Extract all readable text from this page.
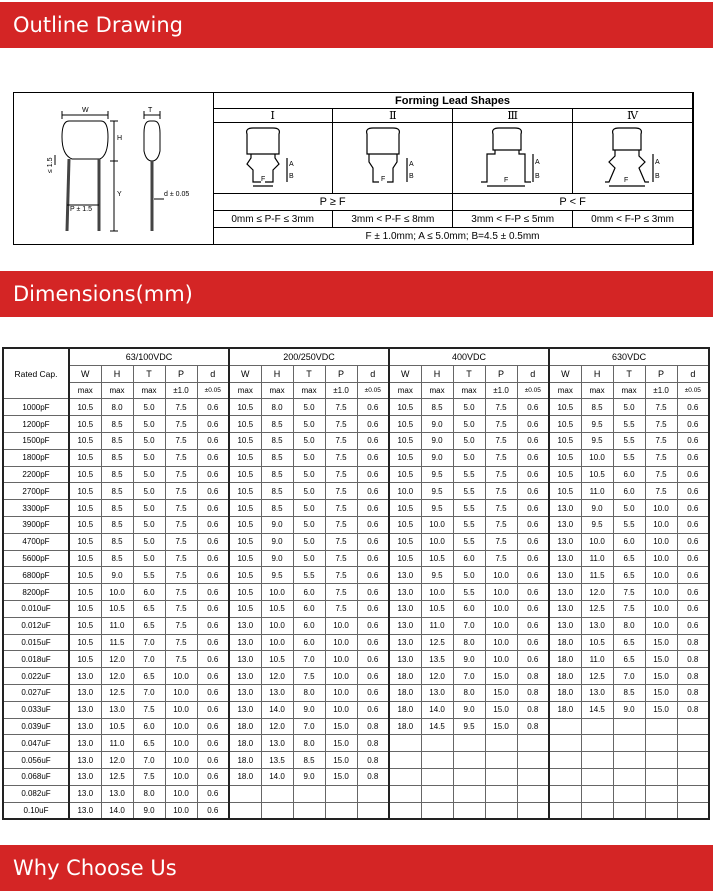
Outline Drawing
W	T
H
Y
≤ 1.5
P ± 1.5
d ± 0.05
Forming Lead Shapes			
Ⅰ	Ⅱ	Ⅲ	Ⅳ

A
B
F	A
B
F	A
B
F	A
B
F

P ≥ F		P < F	
0mm ≤ P-F ≤ 3mm	3mm < P-F ≤ 8mm	3mm < F-P ≤ 5mm	0mm < F-P ≤ 3mm
F ± 1.0mm; A ≤ 5.0mm; B=4.5 ± 0.5mm			
Dimensions(mm)
Rated Cap.	63/100VDC					200/250VDC					400VDC					630VDC				
	W	H	T	P	d	W	H	T	P	d	W	H	T	P	d	W	H	T	P	d
	max	max	max	±1.0	±0.05	max	max	max	±1.0	±0.05	max	max	max	±1.0	±0.05	max	max	max	±1.0	±0.05
1000pF	10.5	8.0	5.0	7.5	0.6	10.5	8.0	5.0	7.5	0.6	10.5	8.5	5.0	7.5	0.6	10.5	8.5	5.0	7.5	0.6
1200pF	10.5	8.5	5.0	7.5	0.6	10.5	8.5	5.0	7.5	0.6	10.5	9.0	5.0	7.5	0.6	10.5	9.5	5.5	7.5	0.6
1500pF	10.5	8.5	5.0	7.5	0.6	10.5	8.5	5.0	7.5	0.6	10.5	9.0	5.0	7.5	0.6	10.5	9.5	5.5	7.5	0.6
1800pF	10.5	8.5	5.0	7.5	0.6	10.5	8.5	5.0	7.5	0.6	10.5	9.0	5.0	7.5	0.6	10.5	10.0	5.5	7.5	0.6
2200pF	10.5	8.5	5.0	7.5	0.6	10.5	8.5	5.0	7.5	0.6	10.5	9.5	5.5	7.5	0.6	10.5	10.5	6.0	7.5	0.6
2700pF	10.5	8.5	5.0	7.5	0.6	10.5	8.5	5.0	7.5	0.6	10.0	9.5	5.5	7.5	0.6	10.5	11.0	6.0	7.5	0.6
3300pF	10.5	8.5	5.0	7.5	0.6	10.5	8.5	5.0	7.5	0.6	10.5	9.5	5.5	7.5	0.6	13.0	9.0	5.0	10.0	0.6
3900pF	10.5	8.5	5.0	7.5	0.6	10.5	9.0	5.0	7.5	0.6	10.5	10.0	5.5	7.5	0.6	13.0	9.5	5.5	10.0	0.6
4700pF	10.5	8.5	5.0	7.5	0.6	10.5	9.0	5.0	7.5	0.6	10.5	10.0	5.5	7.5	0.6	13.0	10.0	6.0	10.0	0.6
5600pF	10.5	8.5	5.0	7.5	0.6	10.5	9.0	5.0	7.5	0.6	10.5	10.5	6.0	7.5	0.6	13.0	11.0	6.5	10.0	0.6
6800pF	10.5	9.0	5.5	7.5	0.6	10.5	9.5	5.5	7.5	0.6	13.0	9.5	5.0	10.0	0.6	13.0	11.5	6.5	10.0	0.6
8200pF	10.5	10.0	6.0	7.5	0.6	10.5	10.0	6.0	7.5	0.6	13.0	10.0	5.5	10.0	0.6	13.0	12.0	7.5	10.0	0.6
0.010uF	10.5	10.5	6.5	7.5	0.6	10.5	10.5	6.0	7.5	0.6	13.0	10.5	6.0	10.0	0.6	13.0	12.5	7.5	10.0	0.6
0.012uF	10.5	11.0	6.5	7.5	0.6	13.0	10.0	6.0	10.0	0.6	13.0	11.0	7.0	10.0	0.6	13.0	13.0	8.0	10.0	0.6
0.015uF	10.5	11.5	7.0	7.5	0.6	13.0	10.0	6.0	10.0	0.6	13.0	12.5	8.0	10.0	0.6	18.0	10.5	6.5	15.0	0.8
0.018uF	10.5	12.0	7.0	7.5	0.6	13.0	10.5	7.0	10.0	0.6	13.0	13.5	9.0	10.0	0.6	18.0	11.0	6.5	15.0	0.8
0.022uF	13.0	12.0	6.5	10.0	0.6	13.0	12.0	7.5	10.0	0.6	18.0	12.0	7.0	15.0	0.8	18.0	12.5	7.0	15.0	0.8
0.027uF	13.0	12.5	7.0	10.0	0.6	13.0	13.0	8.0	10.0	0.6	18.0	13.0	8.0	15.0	0.8	18.0	13.0	8.5	15.0	0.8
0.033uF	13.0	13.0	7.5	10.0	0.6	13.0	14.0	9.0	10.0	0.6	18.0	14.0	9.0	15.0	0.8	18.0	14.5	9.0	15.0	0.8
0.039uF	13.0	10.5	6.0	10.0	0.6	18.0	12.0	7.0	15.0	0.8	18.0	14.5	9.5	15.0	0.8					
0.047uF	13.0	11.0	6.5	10.0	0.6	18.0	13.0	8.0	15.0	0.8										
0.056uF	13.0	12.0	7.0	10.0	0.6	18.0	13.5	8.5	15.0	0.8										
0.068uF	13.0	12.5	7.5	10.0	0.6	18.0	14.0	9.0	15.0	0.8										
0.082uF	13.0	13.0	8.0	10.0	0.6															
0.10uF	13.0	14.0	9.0	10.0	0.6															
Why Choose Us
